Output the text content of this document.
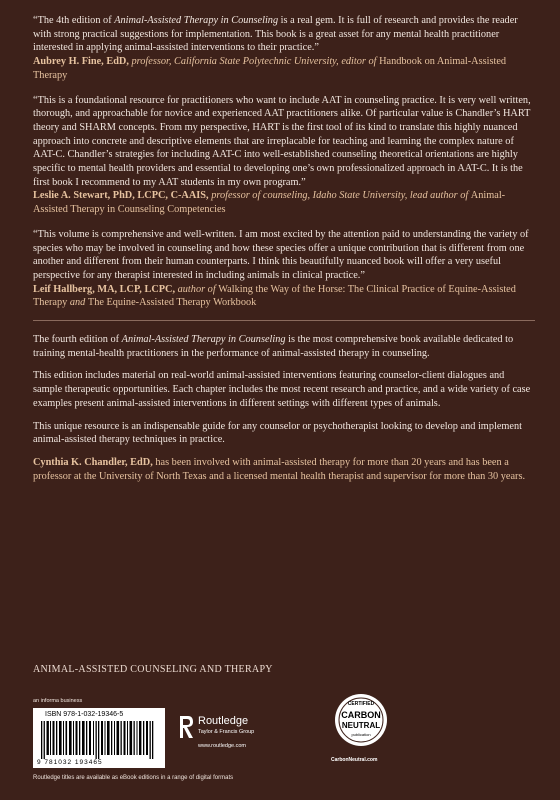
“The 4th edition of Animal-Assisted Therapy in Counseling is a real gem. It is full of research and provides the reader with strong practical suggestions for implementation. This book is a great asset for any mental health practitioner interested in applying animal-assisted interventions to their practice.”

Aubrey H. Fine, EdD, professor, California State Polytechnic University, editor of Handbook on Animal-Assisted Therapy

“This is a foundational resource for practitioners who want to include AAT in counseling practice. It is very well written, thorough, and approachable for novice and experienced AAT practitioners alike. Of particular value is Chandler’s HART theory and SHARM concepts. From my perspective, HART is the first tool of its kind to translate this highly nuanced approach into concrete and descriptive elements that are irreplacable for teaching and learning the complex nature of AAT-C. Chandler’s strategies for including AAT-C into well-established counseling theoretical orientations are highly specific to mental health providers and essential to developing one’s own professionalized approach in AAT-C. It is the first book I recommend to my AAT students in my own program.”

Leslie A. Stewart, PhD, LCPC, C-AAIS, professor of counseling, Idaho State University, lead author of Animal-Assisted Therapy in Counseling Competencies

“This volume is comprehensive and well-written. I am most excited by the attention paid to understanding the variety of species who may be involved in counseling and how these species offer a unique contribution that is different from one another and different from their human counterparts. I think this beautifully nuanced book will offer a very useful perspective for any therapist interested in including animals in clinical practice.”

Leif Hallberg, MA, LCP, LCPC, author of Walking the Way of the Horse: The Clinical Practice of Equine-Assisted Therapy and The Equine-Assisted Therapy Workbook

The fourth edition of Animal-Assisted Therapy in Counseling is the most comprehensive book available dedicated to training mental-health practitioners in the performance of animal-assisted therapy in counseling.

This edition includes material on real-world animal-assisted interventions featuring counselor-client dialogues and sample therapeutic opportunities. Each chapter includes the most recent research and practice, and a wide variety of case examples present animal-assisted interventions in different settings with different types of animals.

This unique resource is an indispensable guide for any counselor or psychotherapist looking to develop and implement animal-assisted therapy techniques in practice.

Cynthia K. Chandler, EdD, has been involved with animal-assisted therapy for more than 20 years and has been a professor at the University of North Texas and a licensed mental health therapist and supervisor for more than 30 years.

ANIMAL-ASSISTED COUNSELING AND THERAPY
an informa business
ISBN 978-1-032-19346-5
9 781032 193465
Routledge
Taylor & Francis Group
www.routledge.com
CERTIFIED
CARBON
NEUTRAL
publication
CarbonNeutral.com
Routledge titles are available as eBook editions in a range of digital formats
